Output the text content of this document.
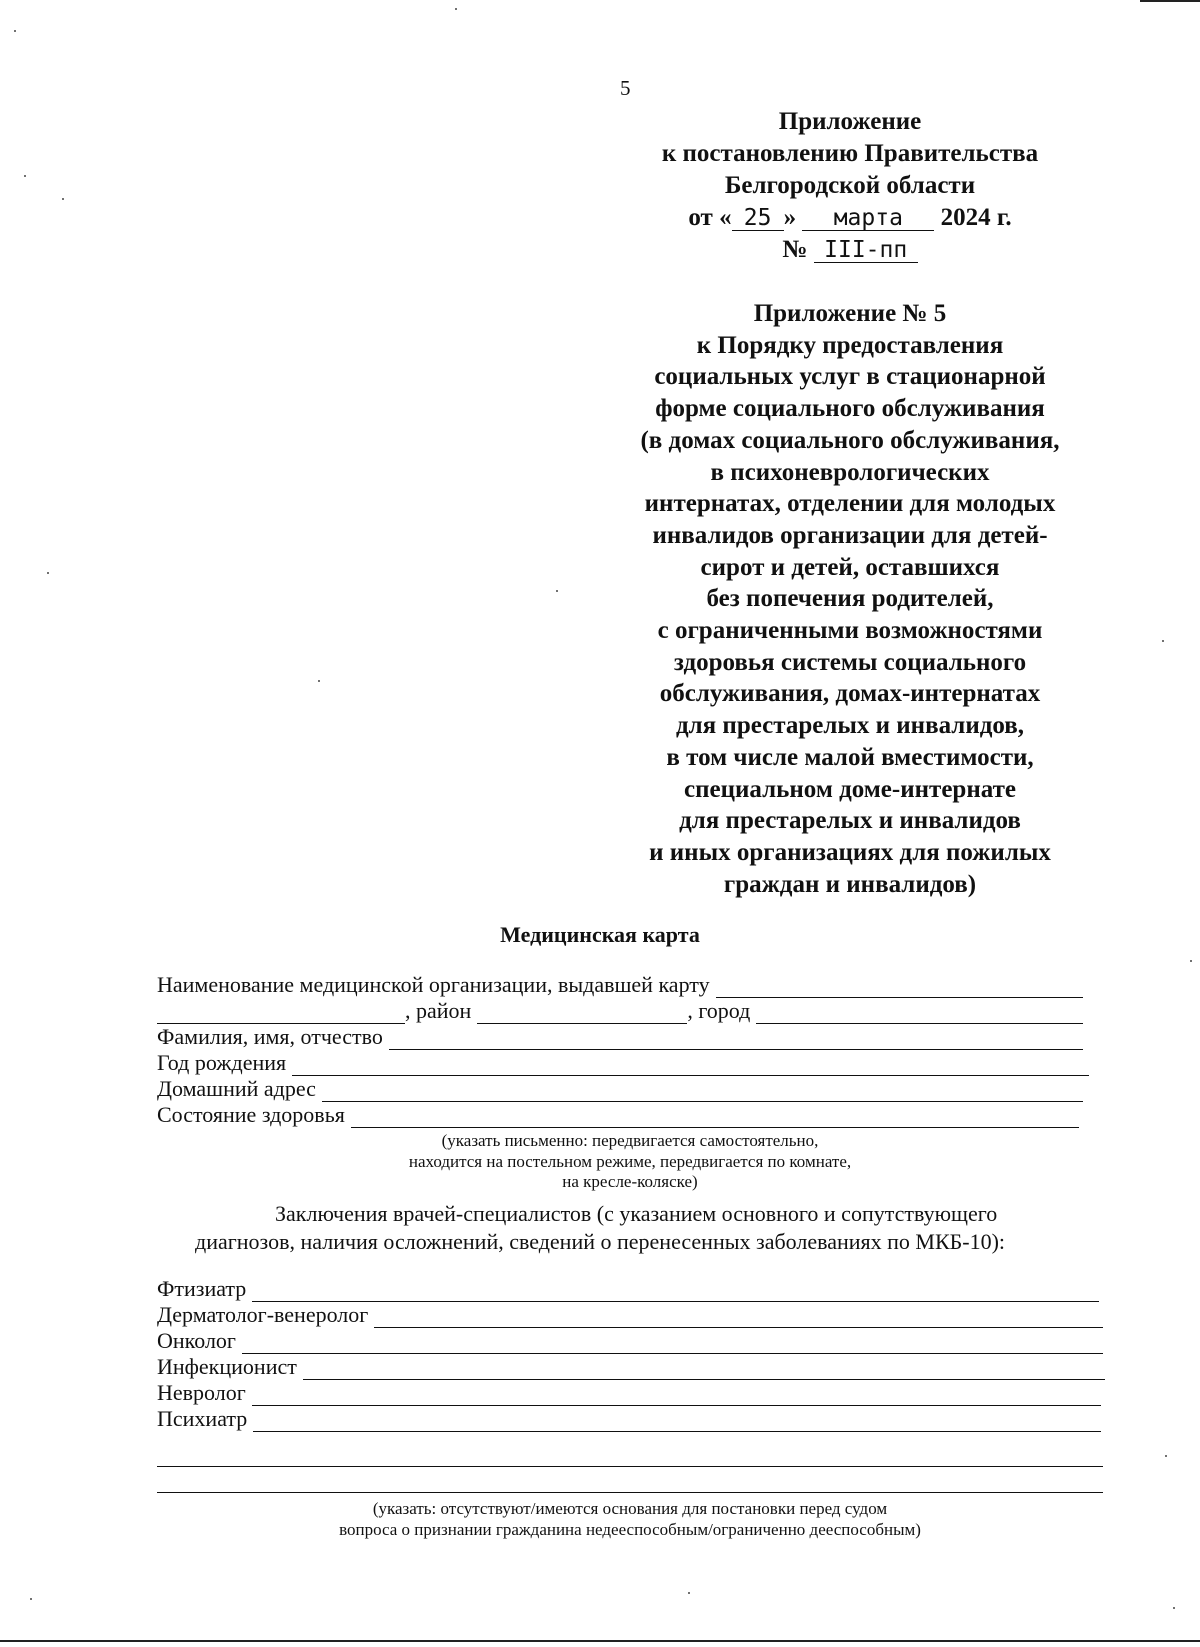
5
Приложение
к постановлению Правительства
Белгородской области
от « 25 » марта 2024 г.
№ III-пп
Приложение № 5
к Порядку предоставления
социальных услуг в стационарной
форме социального обслуживания
(в домах социального обслуживания,
в психоневрологических
интернатах, отделении для молодых
инвалидов организации для детей-
сирот и детей, оставшихся
без попечения родителей,
с ограниченными возможностями
здоровья системы социального
обслуживания, домах-интернатах
для престарелых и инвалидов,
в том числе малой вместимости,
специальном доме-интернате
для престарелых и инвалидов
и иных организациях для пожилых
граждан и инвалидов)
Медицинская карта
Наименование медицинской организации, выдавшей карту
, район	, город
Фамилия, имя, отчество
Год рождения
Домашний адрес
Состояние здоровья
(указать письменно: передвигается самостоятельно,
находится на постельном режиме, передвигается по комнате,
на кресле-коляске)
Заключения врачей-специалистов (с указанием основного и сопутствующего
диагнозов, наличия осложнений, сведений о перенесенных заболеваниях по МКБ-10):
Фтизиатр
Дерматолог-венеролог
Онколог
Инфекционист
Невролог
Психиатр
(указать: отсутствуют/имеются основания для постановки перед судом
вопроса о признании гражданина недееспособным/ограниченно дееспособным)
